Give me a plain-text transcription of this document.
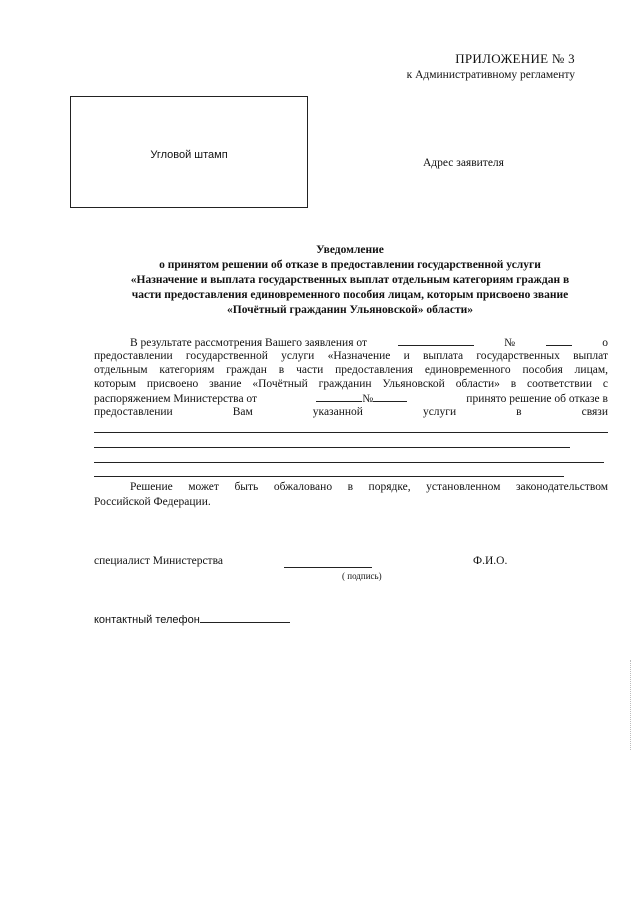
ПРИЛОЖЕНИЕ № 3
к Административному регламенту
Угловой штамп
Адрес заявителя
Уведомление
о принятом решении об отказе в предоставлении государственной услуги
«Назначение и выплата государственных выплат отдельным категориям граждан в
части предоставления единовременного пособия лицам, которым присвоено звание
«Почётный гражданин Ульяновской» области»
В результате рассмотрения Вашего заявления от	№	о
предоставлении государственной услуги «Назначение и выплата государственных выплат
отдельным категориям граждан в части предоставления единовременного пособия лицам,
которым присвоено звание «Почётный гражданин Ульяновской области» в соответствии с
распоряжением Министерства от	№	принято решение об отказе в
предоставлении Вам указанной услуги в связи
Решение может быть обжаловано в порядке, установленном законодательством
Российской Федерации.
специалист Министерства
( подпись)
Ф.И.О.
контактный телефон
